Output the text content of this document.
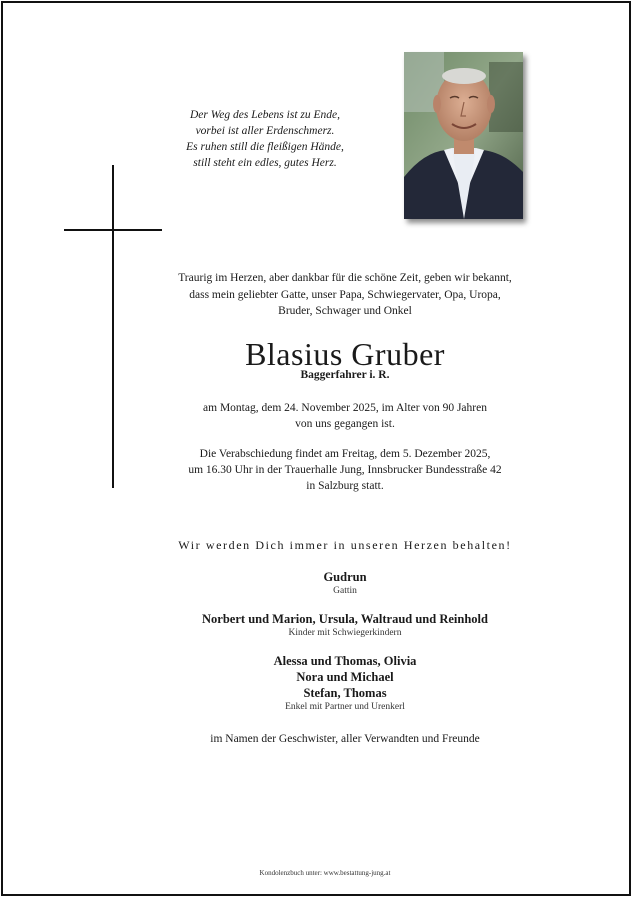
Der Weg des Lebens ist zu Ende,
vorbei ist aller Erdenschmerz.
Es ruhen still die fleißigen Hände,
still steht ein edles, gutes Herz.
Traurig im Herzen, aber dankbar für die schöne Zeit, geben wir bekannt,
dass mein geliebter Gatte, unser Papa, Schwiegervater, Opa, Uropa,
Bruder, Schwager und Onkel
Blasius Gruber
Baggerfahrer i. R.
am Montag, dem 24. November 2025, im Alter von 90 Jahren
von uns gegangen ist.
Die Verabschiedung findet am Freitag, dem 5. Dezember 2025,
um 16.30 Uhr in der Trauerhalle Jung, Innsbrucker Bundesstraße 42
in Salzburg statt.
Wir werden Dich immer in unseren Herzen behalten!
Gudrun
Gattin
Norbert und Marion, Ursula, Waltraud und Reinhold
Kinder mit Schwiegerkindern
Alessa und Thomas, Olivia
Nora und Michael
Stefan, Thomas
Enkel mit Partner und Urenkerl
im Namen der Geschwister, aller Verwandten und Freunde
Kondolenzbuch unter: www.bestattung-jung.at
